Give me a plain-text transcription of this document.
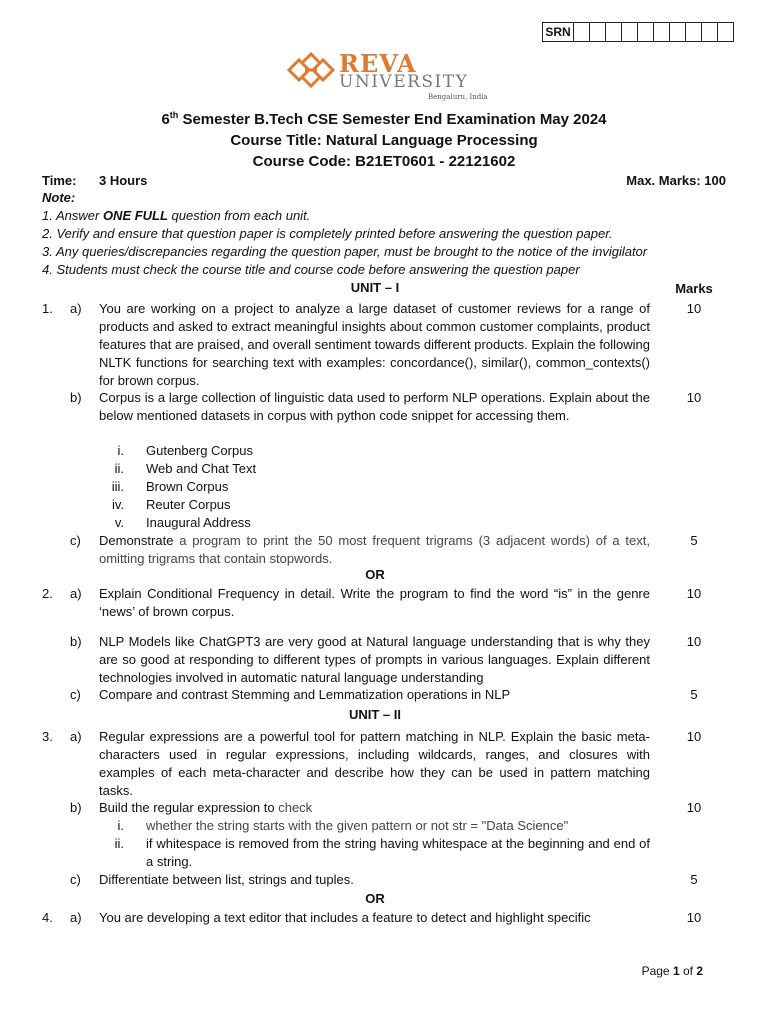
SRN
REVA
UNIVERSITY
Bengaluru, India
6th Semester B.Tech CSE Semester End Examination May 2024
Course Title: Natural Language Processing
Course Code: B21ET0601 - 22121602
Time: 3 Hours	Max. Marks: 100
Note:
1. Answer ONE FULL question from each unit.
2. Verify and ensure that question paper is completely printed before answering the question paper.
3. Any queries/discrepancies regarding the question paper, must be brought to the notice of the invigilator
4. Students must check the course title and course code before answering the question paper
UNIT – I	Marks
1. a) You are working on a project to analyze a large dataset of customer reviews for a range of products and asked to extract meaningful insights about common customer complaints, product features that are praised, and overall sentiment towards different products. Explain the following NLTK functions for searching text with examples: concordance(), similar(), common_contexts() for brown corpus.
10
b) Corpus is a large collection of linguistic data used to perform NLP operations. Explain about the below mentioned datasets in corpus with python code snippet for accessing them.
10
i. Gutenberg Corpus
ii. Web and Chat Text
iii. Brown Corpus
iv. Reuter Corpus
v. Inaugural Address
c) Demonstrate a program to print the 50 most frequent trigrams (3 adjacent words) of a text, omitting trigrams that contain stopwords.
5
OR
2. a) Explain Conditional Frequency in detail. Write the program to find the word “is” in the genre ‘news’ of brown corpus.
10
b) NLP Models like ChatGPT3 are very good at Natural language understanding that is why they are so good at responding to different types of prompts in various languages. Explain different technologies involved in automatic natural language understanding
10
c) Compare and contrast Stemming and Lemmatization operations in NLP	5
UNIT – II
3. a) Regular expressions are a powerful tool for pattern matching in NLP. Explain the basic meta-characters used in regular expressions, including wildcards, ranges, and closures with examples of each meta-character and describe how they can be used in pattern matching tasks.
10
b) Build the regular expression to check	10
i. whether the string starts with the given pattern or not str = "Data Science"
ii. if whitespace is removed from the string having whitespace at the beginning and end of a string.
c) Differentiate between list, strings and tuples.	5
OR
4. a) You are developing a text editor that includes a feature to detect and highlight specific	10
Page 1 of 2
